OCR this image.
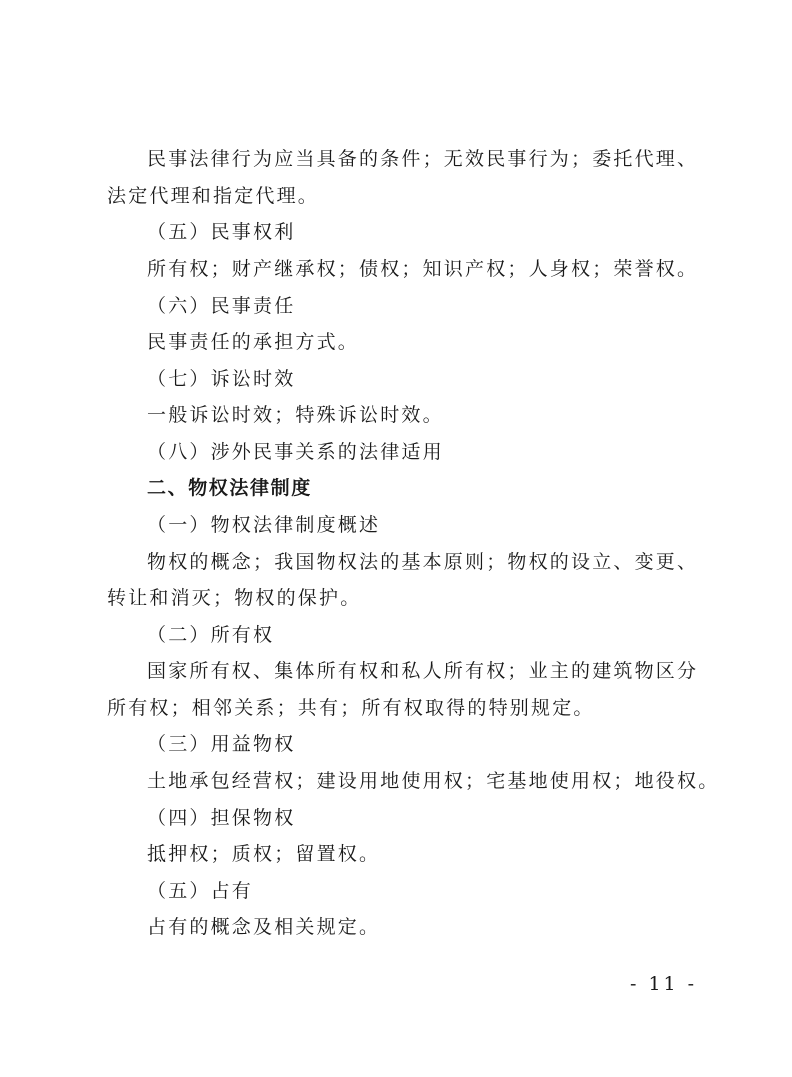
民事法律行为应当具备的条件；无效民事行为；委托代理、
法定代理和指定代理。
（五）民事权利
所有权；财产继承权；债权；知识产权；人身权；荣誉权。
（六）民事责任
民事责任的承担方式。
（七）诉讼时效
一般诉讼时效；特殊诉讼时效。
（八）涉外民事关系的法律适用
二、物权法律制度
（一）物权法律制度概述
物权的概念；我国物权法的基本原则；物权的设立、变更、
转让和消灭；物权的保护。
（二）所有权
国家所有权、集体所有权和私人所有权；业主的建筑物区分
所有权；相邻关系；共有；所有权取得的特别规定。
（三）用益物权
土地承包经营权；建设用地使用权；宅基地使用权；地役权。
（四）担保物权
抵押权；质权；留置权。
（五）占有
占有的概念及相关规定。
- 11 -
